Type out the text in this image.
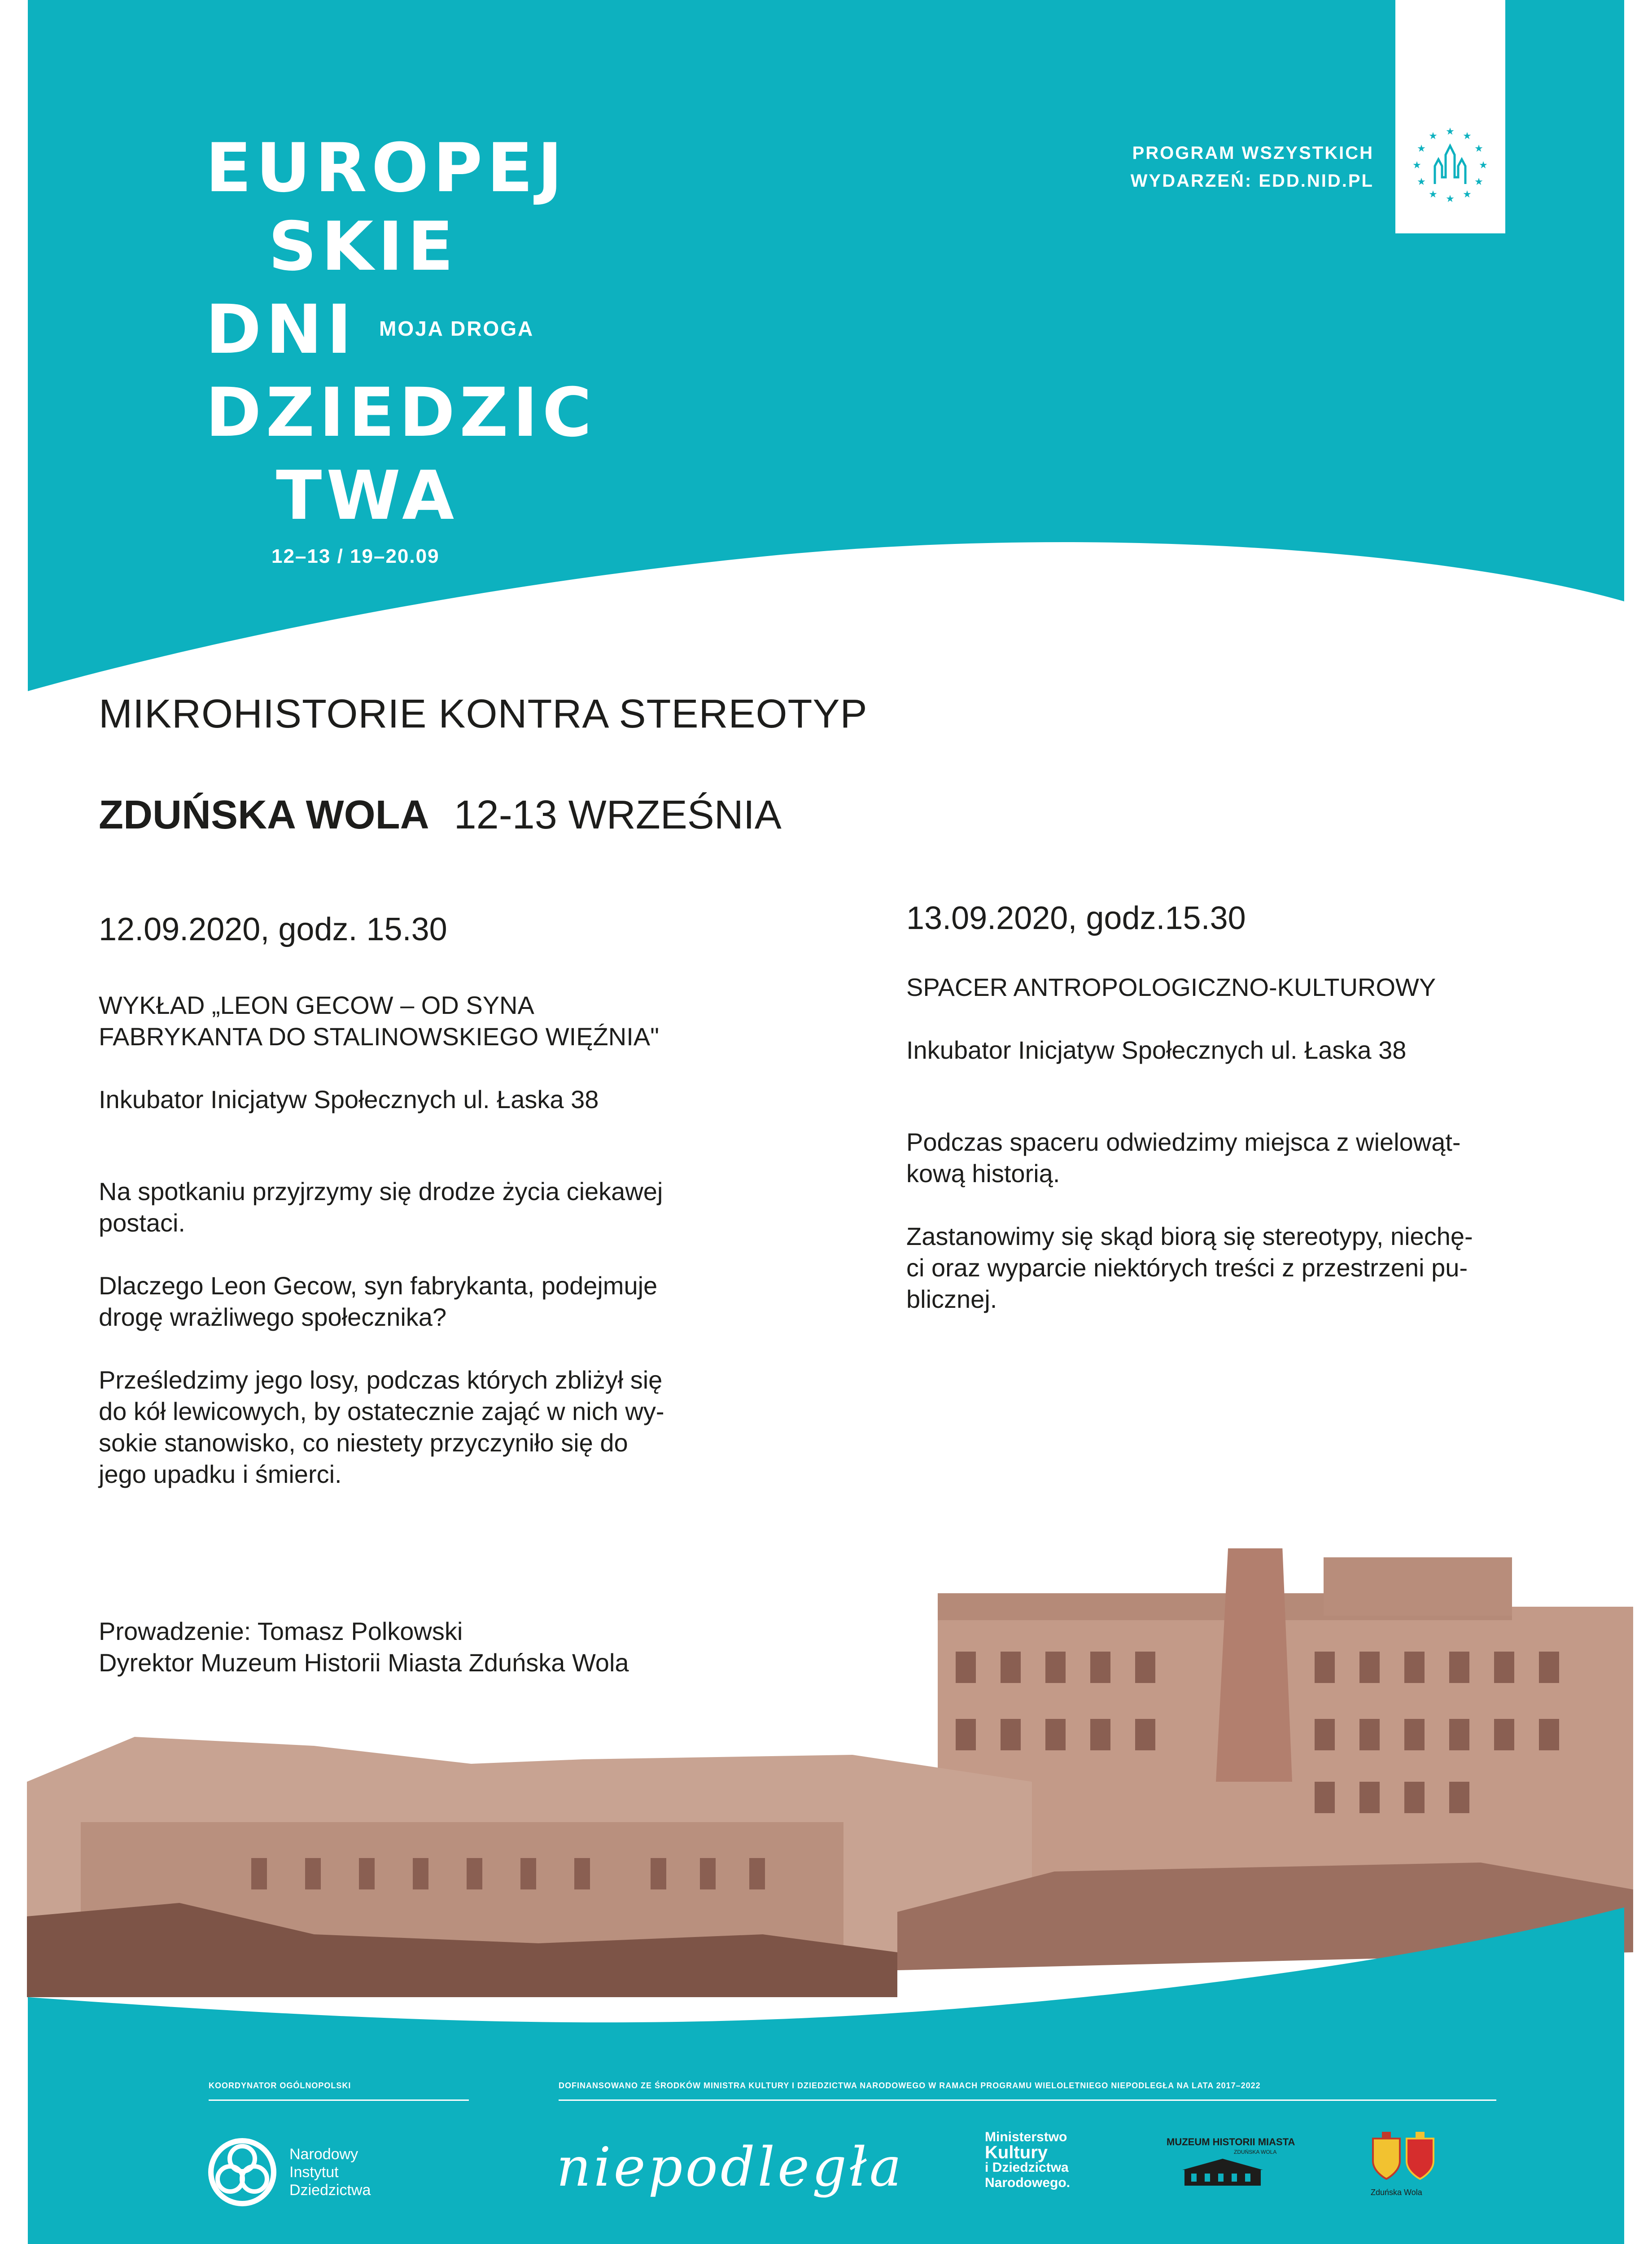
EUROPEJ
SKIE
DNI
DZIEDZIC
TWA
MOJA DROGA
12–13 / 19–20.09
PROGRAM WSZYSTKICH
WYDARZEŃ: EDD.NID.PL
★ ★
★
★
★
★
★
★
★
★
★
★
MIKROHISTORIE KONTRA STEREOTYP
ZDUŃSKA WOLA 12-13 WRZEŚNIA
12.09.2020, godz. 15.30
WYKŁAD „LEON GECOW – OD SYNA
FABRYKANTA DO STALINOWSKIEGO WIĘŹNIA"
Inkubator Inicjatyw Społecznych ul. Łaska 38
Na spotkaniu przyjrzymy się drodze życia ciekawej
postaci.
Dlaczego Leon Gecow, syn fabrykanta, podejmuje
drogę wrażliwego społecznika?
Prześledzimy jego losy, podczas których zbliżył się
do kół lewicowych, by ostatecznie zająć w nich wy-
sokie stanowisko, co niestety przyczyniło się do
jego upadku i śmierci.
13.09.2020, godz.15.30
SPACER ANTROPOLOGICZNO-KULTUROWY
Inkubator Inicjatyw Społecznych ul. Łaska 38
Podczas spaceru odwiedzimy miejsca z wielowąt-
kową historią.
Zastanowimy się skąd biorą się stereotypy, niechę-
ci oraz wyparcie niektórych treści z przestrzeni pu-
blicznej.
Prowadzenie: Tomasz Polkowski
Dyrektor Muzeum Historii Miasta Zduńska Wola
KOORDYNATOR OGÓLNOPOLSKI	DOFINANSOWANO ZE ŚRODKÓW MINISTRA KULTURY I DZIEDZICTWA NARODOWEGO W RAMACH PROGRAMU WIELOLETNIEGO NIEPODLEGŁA NA LATA 2017–2022
Narodowy
Instytut
Dziedzictwa	niepodległa	Ministerstwo
Kultury
i Dziedzictwa
Narodowego.
MUZEUM HISTORII MIASTA
ZDUŃSKA WOLA
Zduńska Wola
